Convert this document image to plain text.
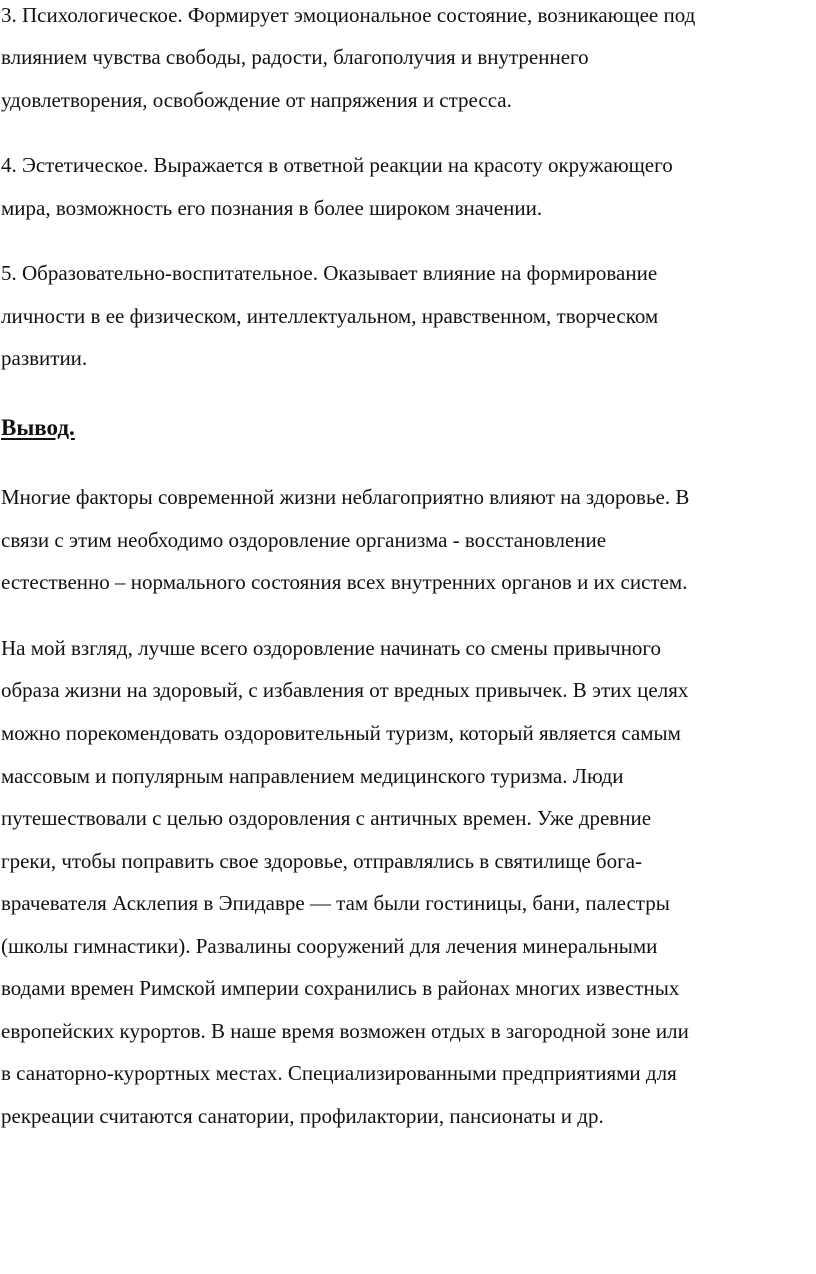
3. Психологическое. Формирует эмоциональное состояние, возникающее под
влиянием чувства свободы, радости, благополучия и внутреннего
удовлетворения, освобождение от напряжения и стресса.
4. Эстетическое. Выражается в ответной реакции на красоту окружающего
мира, возможность его познания в более широком значении.
5. Образовательно-воспитательное. Оказывает влияние на формирование
личности в ее физическом, интеллектуальном, нравственном, творческом
развитии.
Вывод.
Многие факторы современной жизни неблагоприятно влияют на здоровье. В
связи с этим необходимо оздоровление организма - восстановление
естественно – нормального состояния всех внутренних органов и их систем.
На мой взгляд, лучше всего оздоровление начинать со смены привычного
образа жизни на здоровый, с избавления от вредных привычек. В этих целях
можно порекомендовать оздоровительный туризм, который является самым
массовым и популярным направлением медицинского туризма. Люди
путешествовали с целью оздоровления с античных времен. Уже древние
греки, чтобы поправить свое здоровье, отправлялись в святилище бога-
врачевателя Асклепия в Эпидавре — там были гостиницы, бани, палестры
(школы гимнастики). Развалины сооружений для лечения минеральными
водами времен Римской империи сохранились в районах многих известных
европейских курортов. В наше время возможен отдых в загородной зоне или
в санаторно-курортных местах. Специализированными предприятиями для
рекреации считаются санатории, профилактории, пансионаты и др.
